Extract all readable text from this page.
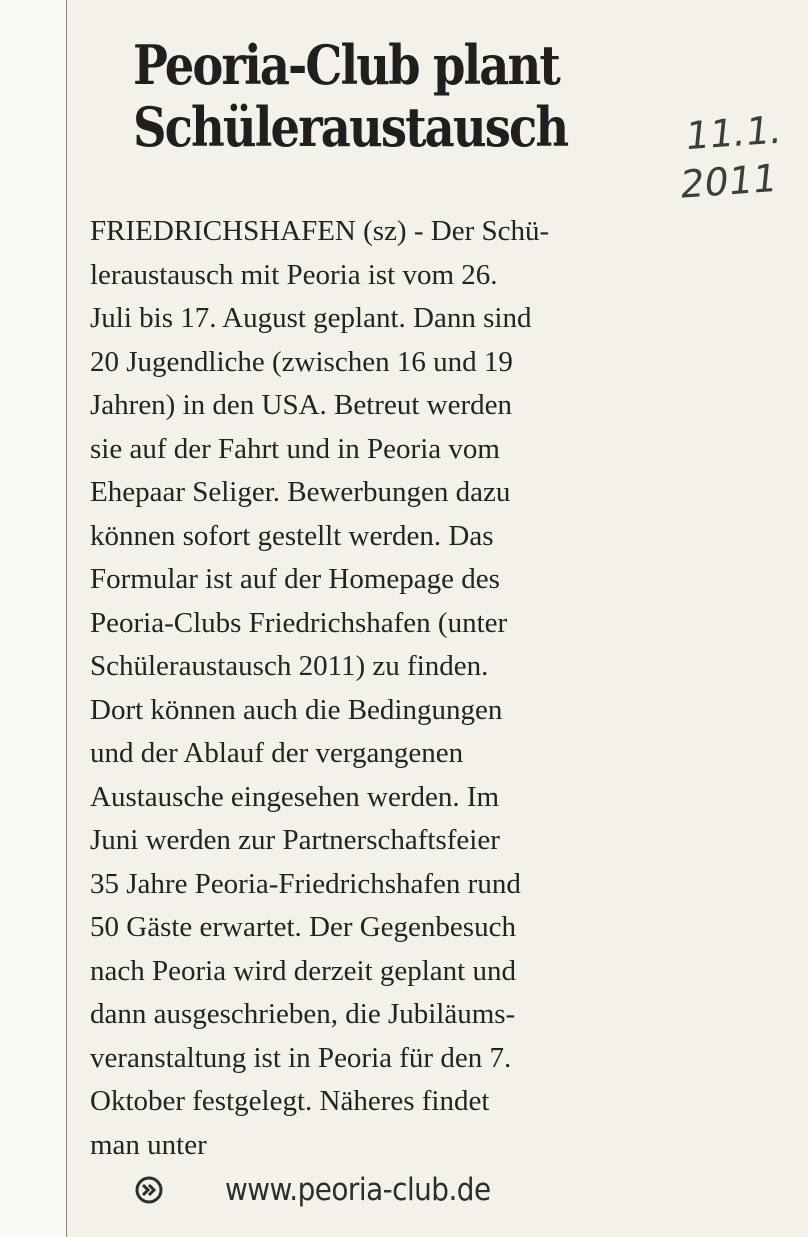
Peoria-Club plant
Schüleraustausch	11.1.
2011
FRIEDRICHSHAFEN (sz) - Der Schü-
leraustausch mit Peoria ist vom 26.
Juli bis 17. August geplant. Dann sind
20 Jugendliche (zwischen 16 und 19
Jahren) in den USA. Betreut werden
sie auf der Fahrt und in Peoria vom
Ehepaar Seliger. Bewerbungen dazu
können sofort gestellt werden. Das
Formular ist auf der Homepage des
Peoria-Clubs Friedrichshafen (unter
Schüleraustausch 2011) zu finden.
Dort können auch die Bedingungen
und der Ablauf der vergangenen
Austausche eingesehen werden. Im
Juni werden zur Partnerschaftsfeier
35 Jahre Peoria-Friedrichshafen rund
50 Gäste erwartet. Der Gegenbesuch
nach Peoria wird derzeit geplant und
dann ausgeschrieben, die Jubiläums-
veranstaltung ist in Peoria für den 7.
Oktober festgelegt. Näheres findet
man unter
www.peoria-club.de
